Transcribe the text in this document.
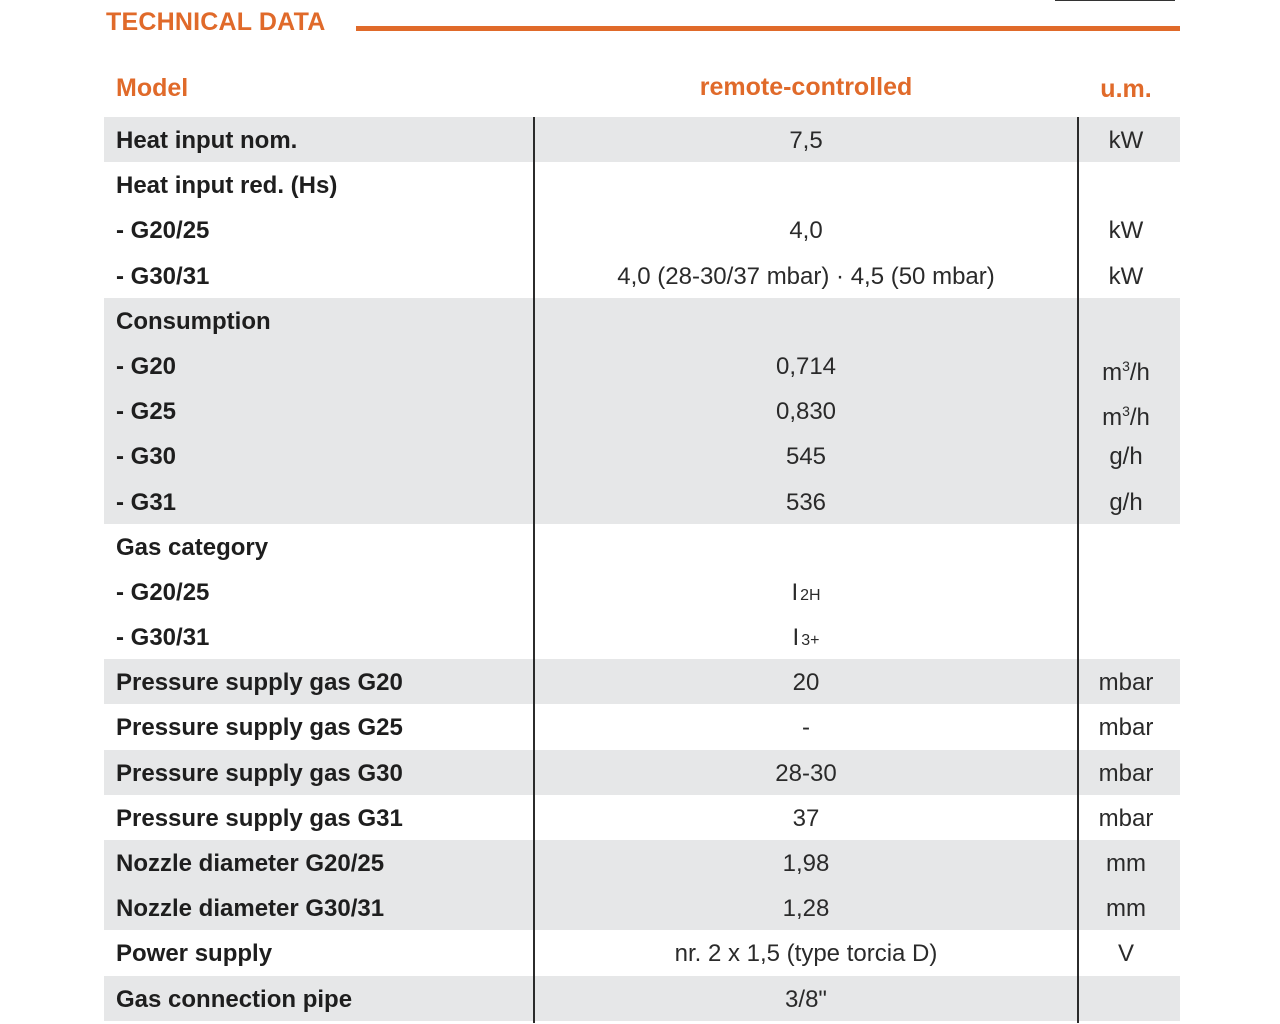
TECHNICAL DATA
Model	remote-controlled	u.m.
Heat input nom.	7,5	kW
Heat input red. (Hs)
- G20/25	4,0	kW
- G30/31	4,0 (28-30/37 mbar) · 4,5 (50 mbar)	kW
Consumption
- G20	0,714	$m^3/h$
- G25	0,830	$m^3/h$
- G30	545	g/h
- G31	536	g/h
Gas category
- G20/25	I 2H
- G30/31	I 3+
Pressure supply gas G20	20	mbar
Pressure supply gas G25	-	mbar
Pressure supply gas G30	28-30	mbar
Pressure supply gas G31	37	mbar
Nozzle diameter G20/25	1,98	mm
Nozzle diameter G30/31	1,28	mm
Power supply	nr. 2 x 1,5 (type torcia D)	V
Gas connection pipe	3/8"
